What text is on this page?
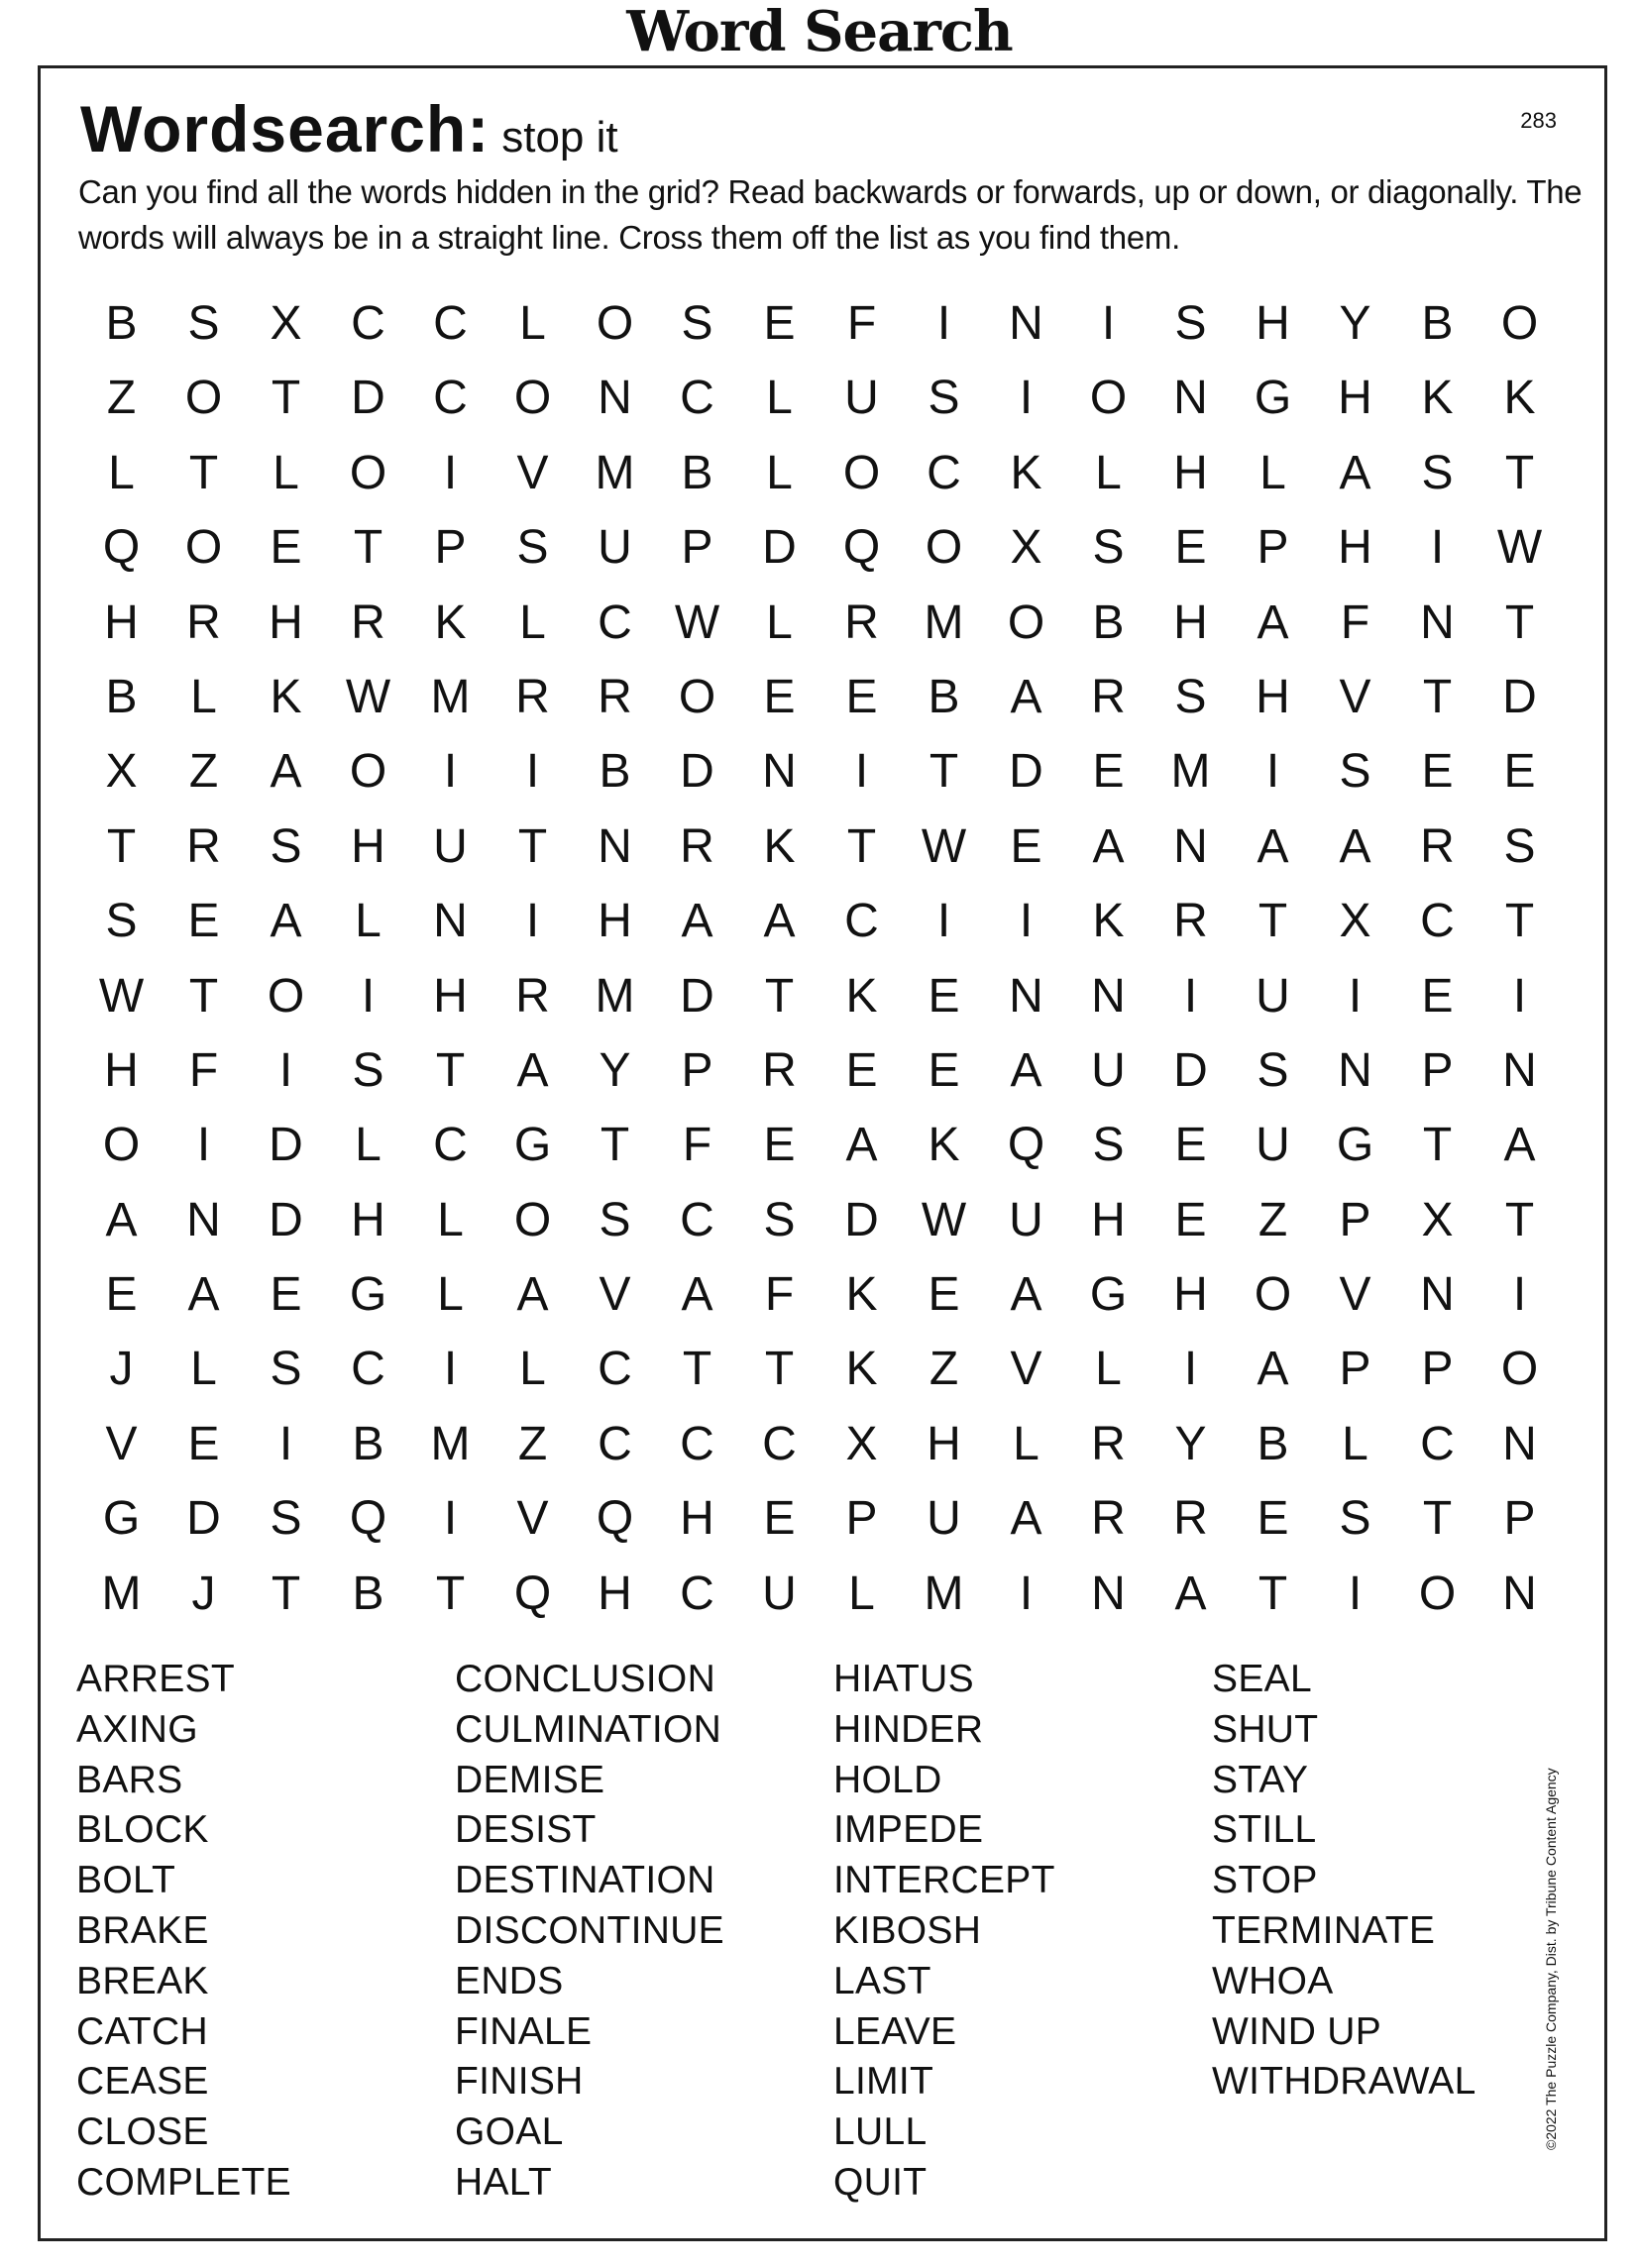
Word Search
Wordsearch: stop it	283
Can you find all the words hidden in the grid? Read backwards or forwards, up or down, or diagonally. The words will always be in a straight line. Cross them off the list as you find them.
B	S	X	C	C	L	O	S	E	F	I	N	I	S	H	Y	B	O
Z	O	T	D	C O N	C	L	U	S	I	O N G H	K	K
L	T	L	O	I	V M B	L	O C	K	L	H	L	A	S	T
Q O	E	T	P	S	U	P	D Q O	X	S	E	P	H	I	W
H	R	H	R	K	L	C W L	R M O	B	H	A	F	N	T
B	L	K W M R	R O	E	E	B	A	R	S	H	V	T	D
X	Z	A	O	I	I	B	D	N	I	T	D	E M	I	S	E	E
T	R	S	H	U	T	N	R	K	T W E	A	N	A	A	R	S
S	E	A	L	N	I	H	A	A	C	I	I	K	R	T	X	C	T
W T	O	I	H	R M D	T	K	E	N	N	I	U	I	E	I
H	F	I	S	T	A	Y	P	R	E	E	A	U	D	S	N	P	N
O	I	D	L	C G	T	F	E	A	K	Q	S	E	U G	T	A
A	N	D	H	L	O	S	C	S	D W U	H	E	Z	P	X	T
E	A	E	G	L	A	V	A	F	K	E	A	G H O	V	N	I
J	L	S	C	I	L	C	T	T	K	Z	V	L	I	A	P	P	O
V	E	I	B M	Z	C	C	C	X	H	L	R	Y	B	L	C	N
G D	S	Q	I	V	Q H	E	P	U	A	R	R	E	S	T	P
M	J	T	B	T	Q H	C	U	L	M	I	N	A	T	I	O N
ARREST
AXING
BARS
BLOCK
BOLT
BRAKE
BREAK
CATCH
CEASE
CLOSE
COMPLETE
CONCLUSION
CULMINATION
DEMISE
DESIST
DESTINATION
DISCONTINUE
ENDS
FINALE
FINISH
GOAL
HALT
HIATUS
HINDER
HOLD
IMPEDE
INTERCEPT
KIBOSH
LAST
LEAVE
LIMIT
LULL
QUIT
SEAL
SHUT
STAY
STILL
STOP
TERMINATE
WHOA
WIND UP
WITHDRAWAL	©2022 The Puzzle Company, Dist. by Tribune Content Agency
